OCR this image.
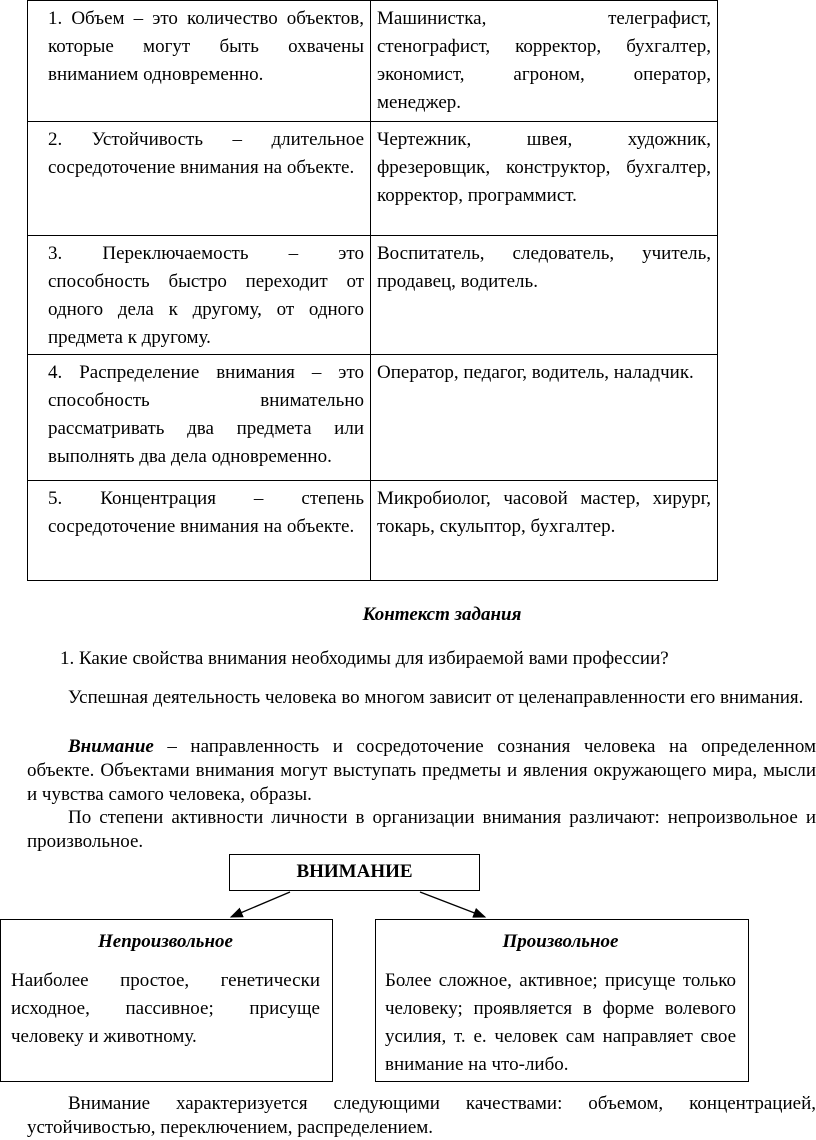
1. Объем – это количество объектов, которые могут быть охвачены вниманием одновременно.	Машинистка, телеграфист, стенографист, корректор, бухгалтер, экономист, агроном, оператор, менеджер.
2. Устойчивость – длительное сосредоточение внимания на объекте.	Чертежник, швея, художник, фрезеровщик, конструктор, бухгалтер, корректор, программист.
3. Переключаемость – это способность быстро переходит от одного дела к другому, от одного предмета к другому.	Воспитатель, следователь, учитель, продавец, водитель.
4. Распределение внимания – это способность внимательно рассматривать два предмета или выполнять два дела одновременно.	Оператор, педагог, водитель, наладчик.
5. Концентрация – степень сосредоточение внимания на объекте.	Микробиолог, часовой мастер, хирург, токарь, скульптор, бухгалтер.
Контекст задания
1. Какие свойства внимания необходимы для избираемой вами профессии?
Успешная деятельность человека во многом зависит от целенаправленности его внимания.
Внимание – направленность и сосредоточение сознания человека на определенном объекте. Объектами внимания могут выступать предметы и явления окружающего мира, мысли и чувства самого человека, образы.
По степени активности личности в организации внимания различают: непроизвольное и произвольное.
ВНИМАНИЕ
Непроизвольное
Наиболее простое, генетически исходное, пассивное; присуще человеку и животному.
Произвольное
Более сложное, активное; присуще только человеку; проявляется в форме волевого усилия, т. е. человек сам направляет свое внимание на что-либо.
Внимание характеризуется следующими качествами: объемом, концентрацией, устойчивостью, переключением, распределением.
